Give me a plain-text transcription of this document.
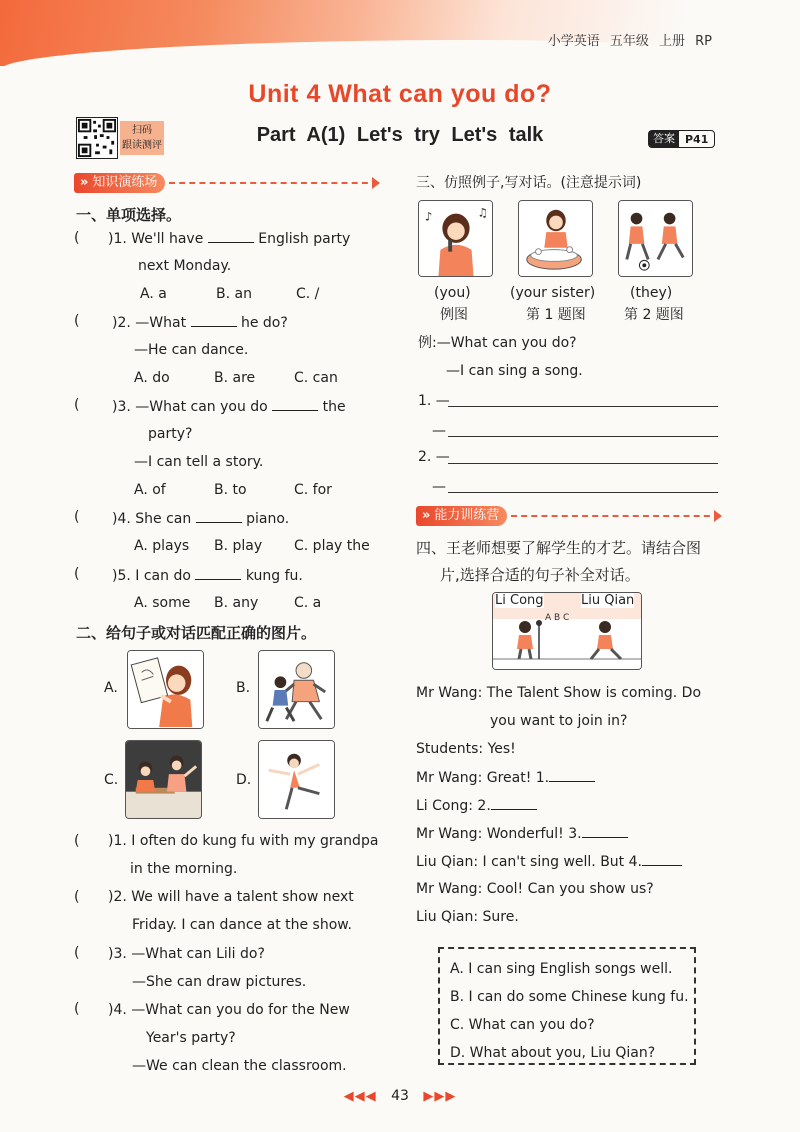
小学英语 五年级 上册 RP
Unit 4 What can you do?
扫码
跟读测评	Part A(1) Let's try Let's talk	答案 P41
» 知识演练场
一、单项选择。
( )1. We'll have	English party
next Monday.
A. a	B. an	C. /
( )2. —What	he do?
—He can dance.
A. do	B. are	C. can
( )3. —What can you do	the
party?
—I can tell a story.
A. of	B. to	C. for
( )4. She can	piano.
A. plays B. play C. play the
( )5. I can do	kung fu.
A. some B. any	C. a
二、给句子或对话匹配正确的图片。
A.	B.
C.	D.
( )1. I often do kung fu with my grandpa
in the morning.
( )2. We will have a talent show next
Friday. I can dance at the show.
( )3. —What can Lili do?
—She can draw pictures.
( )4. —What can you do for the New
Year's party?
—We can clean the classroom.
三、仿照例子,写对话。(注意提示词)
♪	♫
(you)	(your sister) (they)
例图	第 1 题图	第 2 题图
例:—What can you do?
—I can sing a song.
1. —
—
2. —
—
» 能力训练营
四、王老师想要了解学生的才艺。请结合图
片,选择合适的句子补全对话。
Li Cong	Liu Qian
A B C
Mr Wang: The Talent Show is coming. Do
you want to join in?
Students: Yes!
Mr Wang: Great! 1.
Li Cong: 2.
Mr Wang: Wonderful! 3.
Liu Qian: I can't sing well. But 4.
Mr Wang: Cool! Can you show us?
Liu Qian: Sure.
A. I can sing English songs well.
B. I can do some Chinese kung fu.
C. What can you do?
D. What about you, Liu Qian?
◀◀◀ 43 ▶▶▶
